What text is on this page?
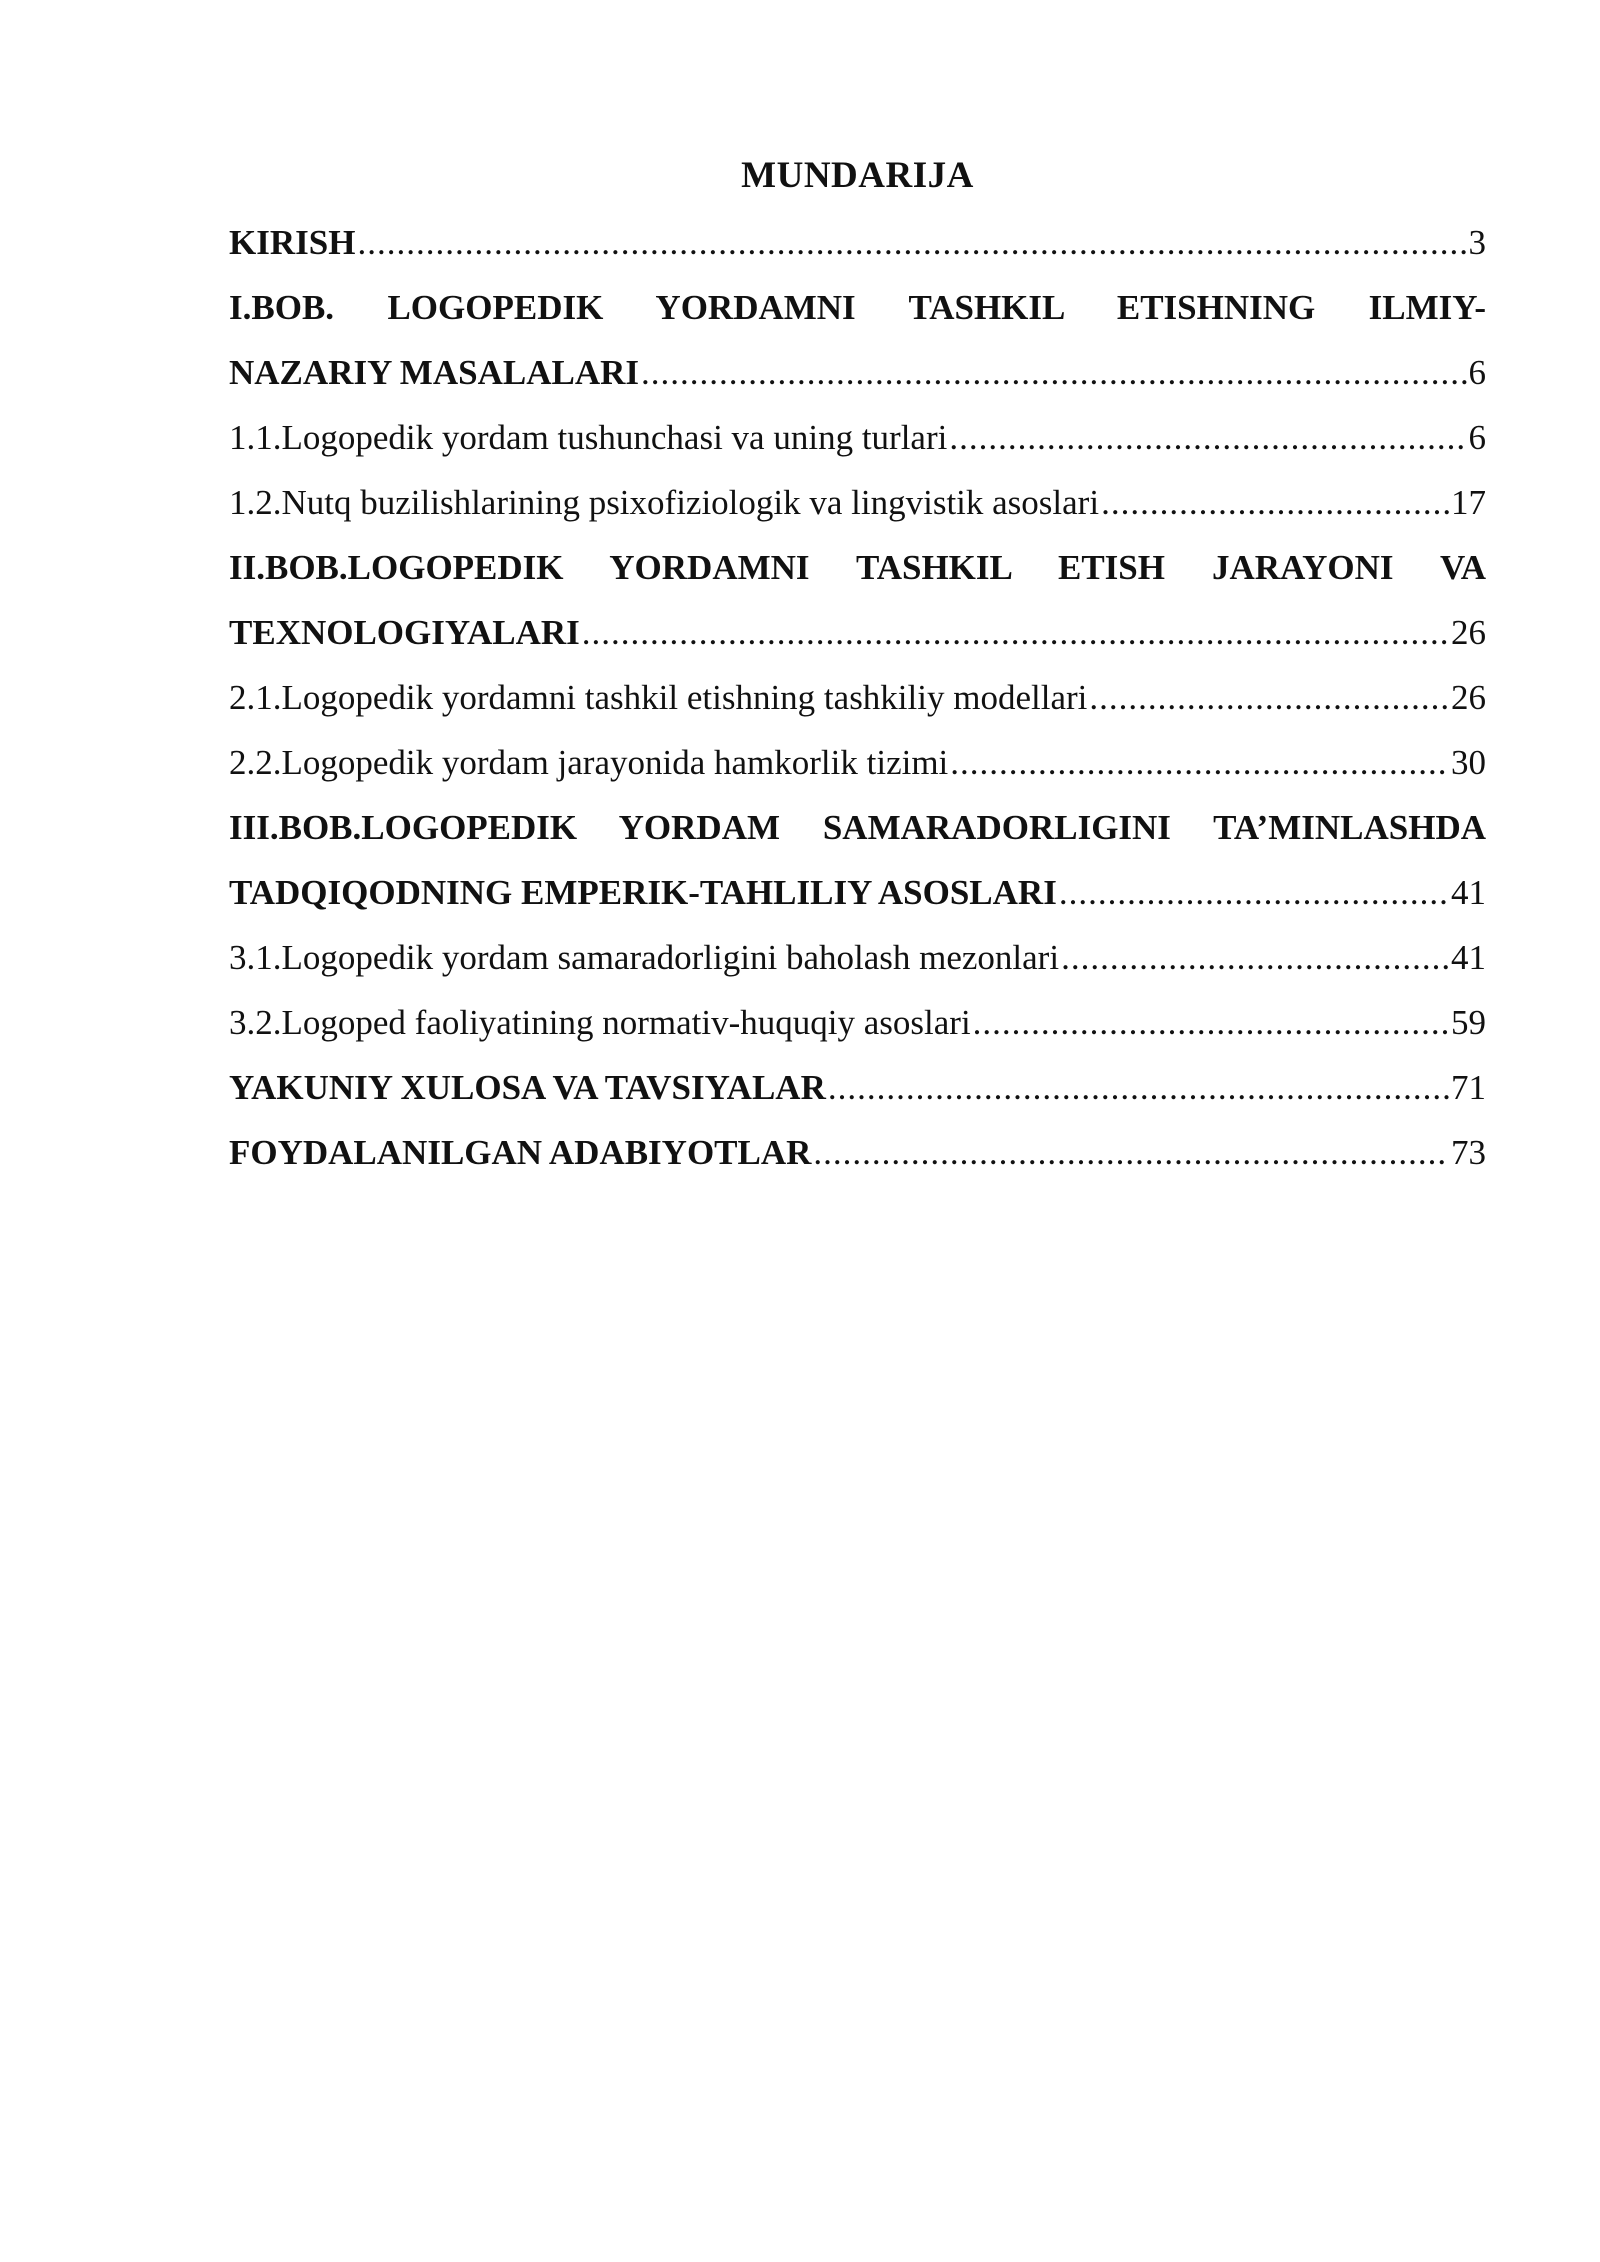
MUNDARIJA
KIRISH .....	3
I.BOB. LOGOPEDIK YORDAMNI TASHKIL ETISHNING ILMIY-
NAZARIY MASALALARI .....	6
1.1.Logopedik yordam tushunchasi va uning turlari .....	6
1.2.Nutq buzilishlarining psixofiziologik va lingvistik asoslari .....	17
II.BOB.LOGOPEDIK YORDAMNI TASHKIL ETISH JARAYONI VA
TEXNOLOGIYALARI .....	26
2.1.Logopedik yordamni tashkil etishning tashkiliy modellari .....	26
2.2.Logopedik yordam jarayonida hamkorlik tizimi .....	30
III.BOB.LOGOPEDIK YORDAM SAMARADORLIGINI TA’MINLASHDA
TADQIQODNING EMPERIK-TAHLILIY ASOSLARI .....	41
3.1.Logopedik yordam samaradorligini baholash mezonlari .....	41
3.2.Logoped faoliyatining normativ-huquqiy asoslari .....	59
YAKUNIY XULOSA VA TAVSIYALAR .....	71
FOYDALANILGAN ADABIYOTLAR .....	73
